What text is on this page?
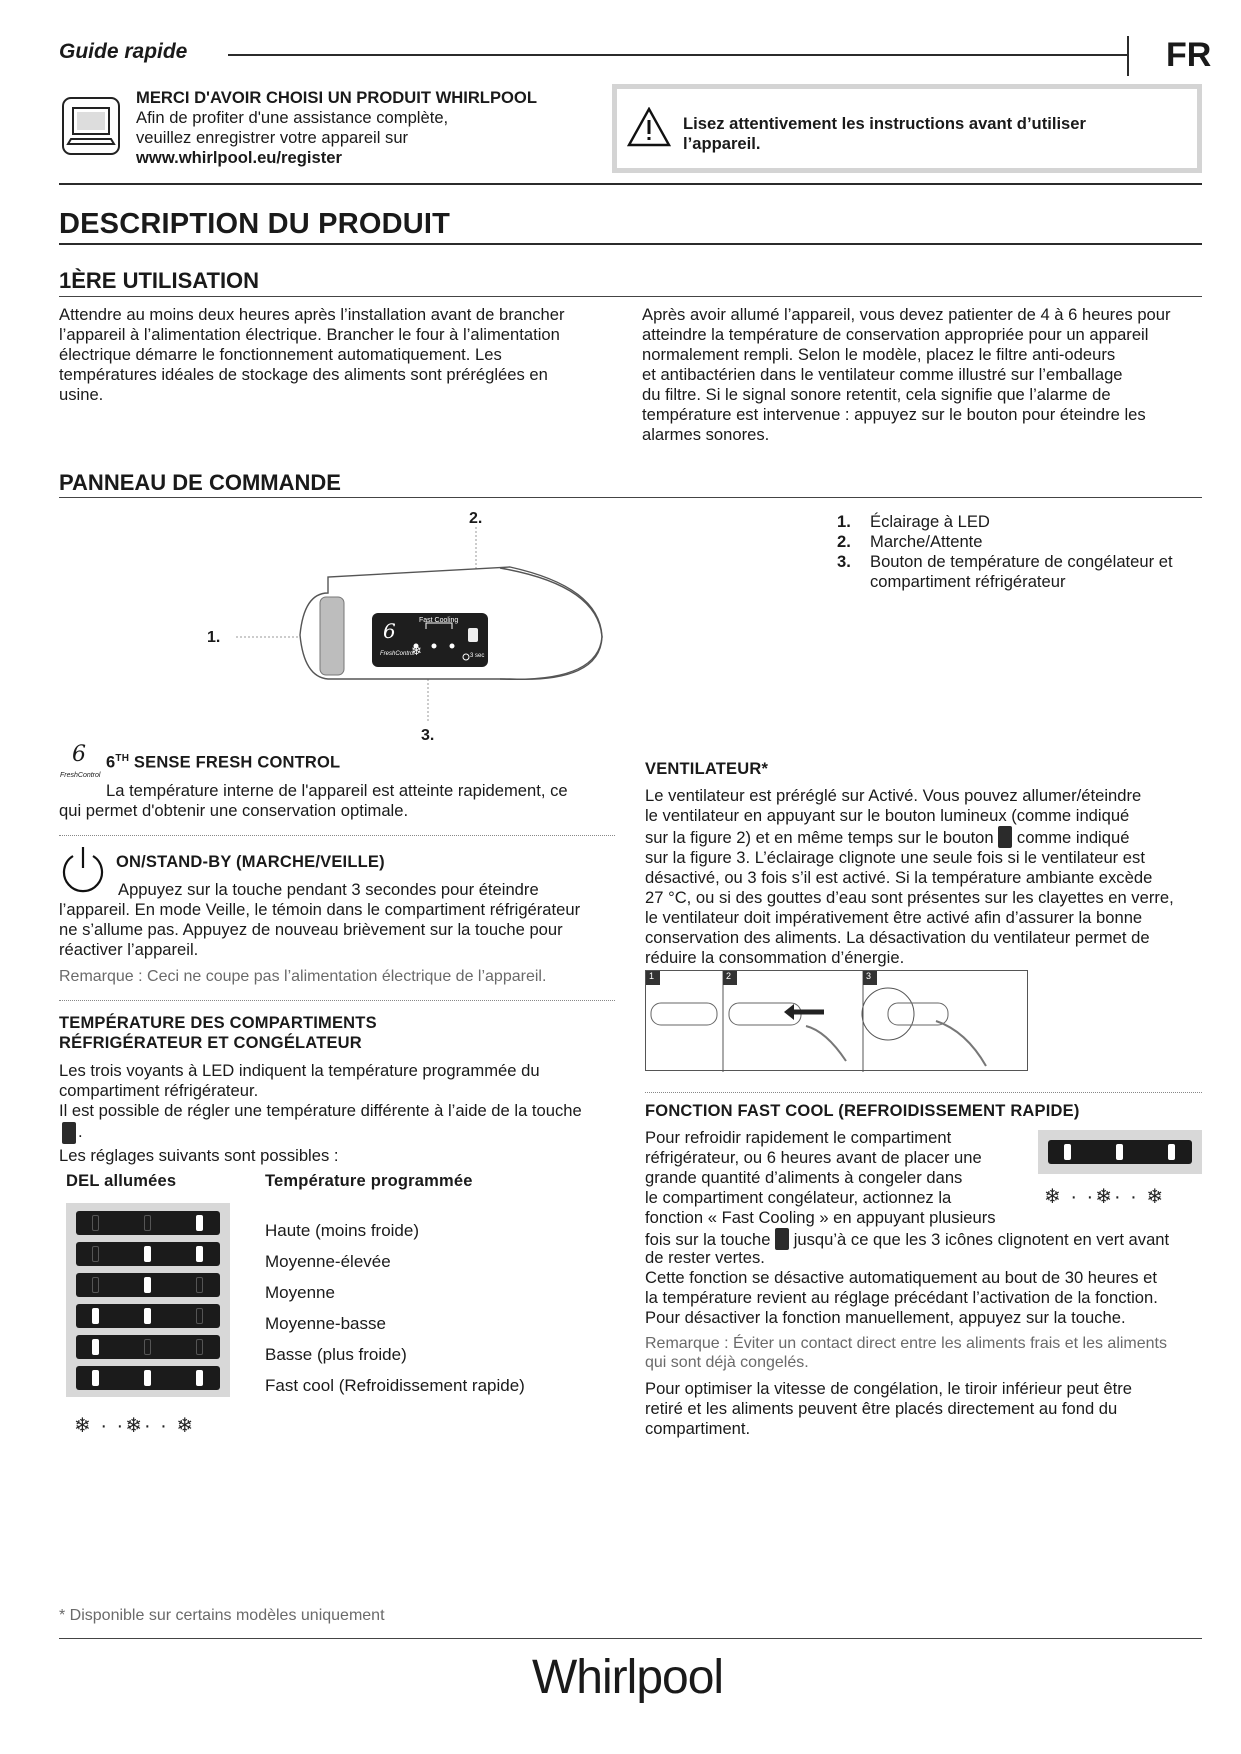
Guide rapide	FR
MERCI D'AVOIR CHOISI UN PRODUIT WHIRLPOOL
Afin de profiter d'une assistance complète,
veuillez enregistrer votre appareil sur
www.whirlpool.eu/register
Lisez attentivement les instructions avant d’utiliser
l’appareil.
DESCRIPTION DU PRODUIT
1ÈRE UTILISATION
Attendre au moins deux heures après l’installation avant de brancher
l’appareil à l’alimentation électrique. Brancher le four à l’alimentation
électrique démarre le fonctionnement automatiquement. Les
températures idéales de stockage des aliments sont préréglées en
usine.
Après avoir allumé l’appareil, vous devez patienter de 4 à 6 heures pour
atteindre la température de conservation appropriée pour un appareil
normalement rempli. Selon le modèle, placez le filtre anti-odeurs
et antibactérien dans le ventilateur comme illustré sur l’emballage
du filtre. Si le signal sonore retentit, cela signifie que l’alarme de
température est intervenue : appuyez sur le bouton pour éteindre les
alarmes sonores.
PANNEAU DE COMMANDE
Fast Cooling
6
FreshControl
❄	3 sec
2.
1.
3.
1. Éclairage à LED
2. Marche/Attente
3. Bouton de température de congélateur et
compartiment réfrigérateur
6
FreshControl
6TH SENSE FRESH CONTROL
La température interne de l'appareil est atteinte rapidement, ce
qui permet d'obtenir une conservation optimale.
ON/STAND-BY (MARCHE/VEILLE)
Appuyez sur la touche pendant 3 secondes pour éteindre
l’appareil. En mode Veille, le témoin dans le compartiment réfrigérateur
ne s’allume pas. Appuyez de nouveau brièvement sur la touche pour
réactiver l’appareil.
Remarque : Ceci ne coupe pas l’alimentation électrique de l’appareil.
TEMPÉRATURE DES COMPARTIMENTS
RÉFRIGÉRATEUR ET CONGÉLATEUR
Les trois voyants à LED indiquent la température programmée du
compartiment réfrigérateur.
Il est possible de régler une température différente à l’aide de la touche
.
Les réglages suivants sont possibles :
DEL allumées	Température programmée
❄ · ·❄· · ❄
Haute (moins froide)
Moyenne-élevée
Moyenne
Moyenne-basse
Basse (plus froide)
Fast cool (Refroidissement rapide)
VENTILATEUR*
Le ventilateur est préréglé sur Activé. Vous pouvez allumer/éteindre
le ventilateur en appuyant sur le bouton lumineux (comme indiqué
sur la figure 2) et en même temps sur le bouton comme indiqué
sur la figure 3. L’éclairage clignote une seule fois si le ventilateur est
désactivé, ou 3 fois s’il est activé. Si la température ambiante excède
27 °C, ou si des gouttes d’eau sont présentes sur les clayettes en verre,
le ventilateur doit impérativement être activé afin d’assurer la bonne
conservation des aliments. La désactivation du ventilateur permet de
réduire la consommation d’énergie.
1	2	3
FONCTION FAST COOL (REFROIDISSEMENT RAPIDE)
Pour refroidir rapidement le compartiment
réfrigérateur, ou 6 heures avant de placer une
grande quantité d’aliments à congeler dans
le compartiment congélateur, actionnez la
fonction « Fast Cooling » en appuyant plusieurs
❄ · ·❄· · ❄
fois sur la touche jusqu’à ce que les 3 icônes clignotent en vert avant
de rester vertes.
Cette fonction se désactive automatiquement au bout de 30 heures et
la température revient au réglage précédant l’activation de la fonction.
Pour désactiver la fonction manuellement, appuyez sur la touche.
Remarque : Éviter un contact direct entre les aliments frais et les aliments
qui sont déjà congelés.
Pour optimiser la vitesse de congélation, le tiroir inférieur peut être
retiré et les aliments peuvent être placés directement au fond du
compartiment.
* Disponible sur certains modèles uniquement
Whirlpool
